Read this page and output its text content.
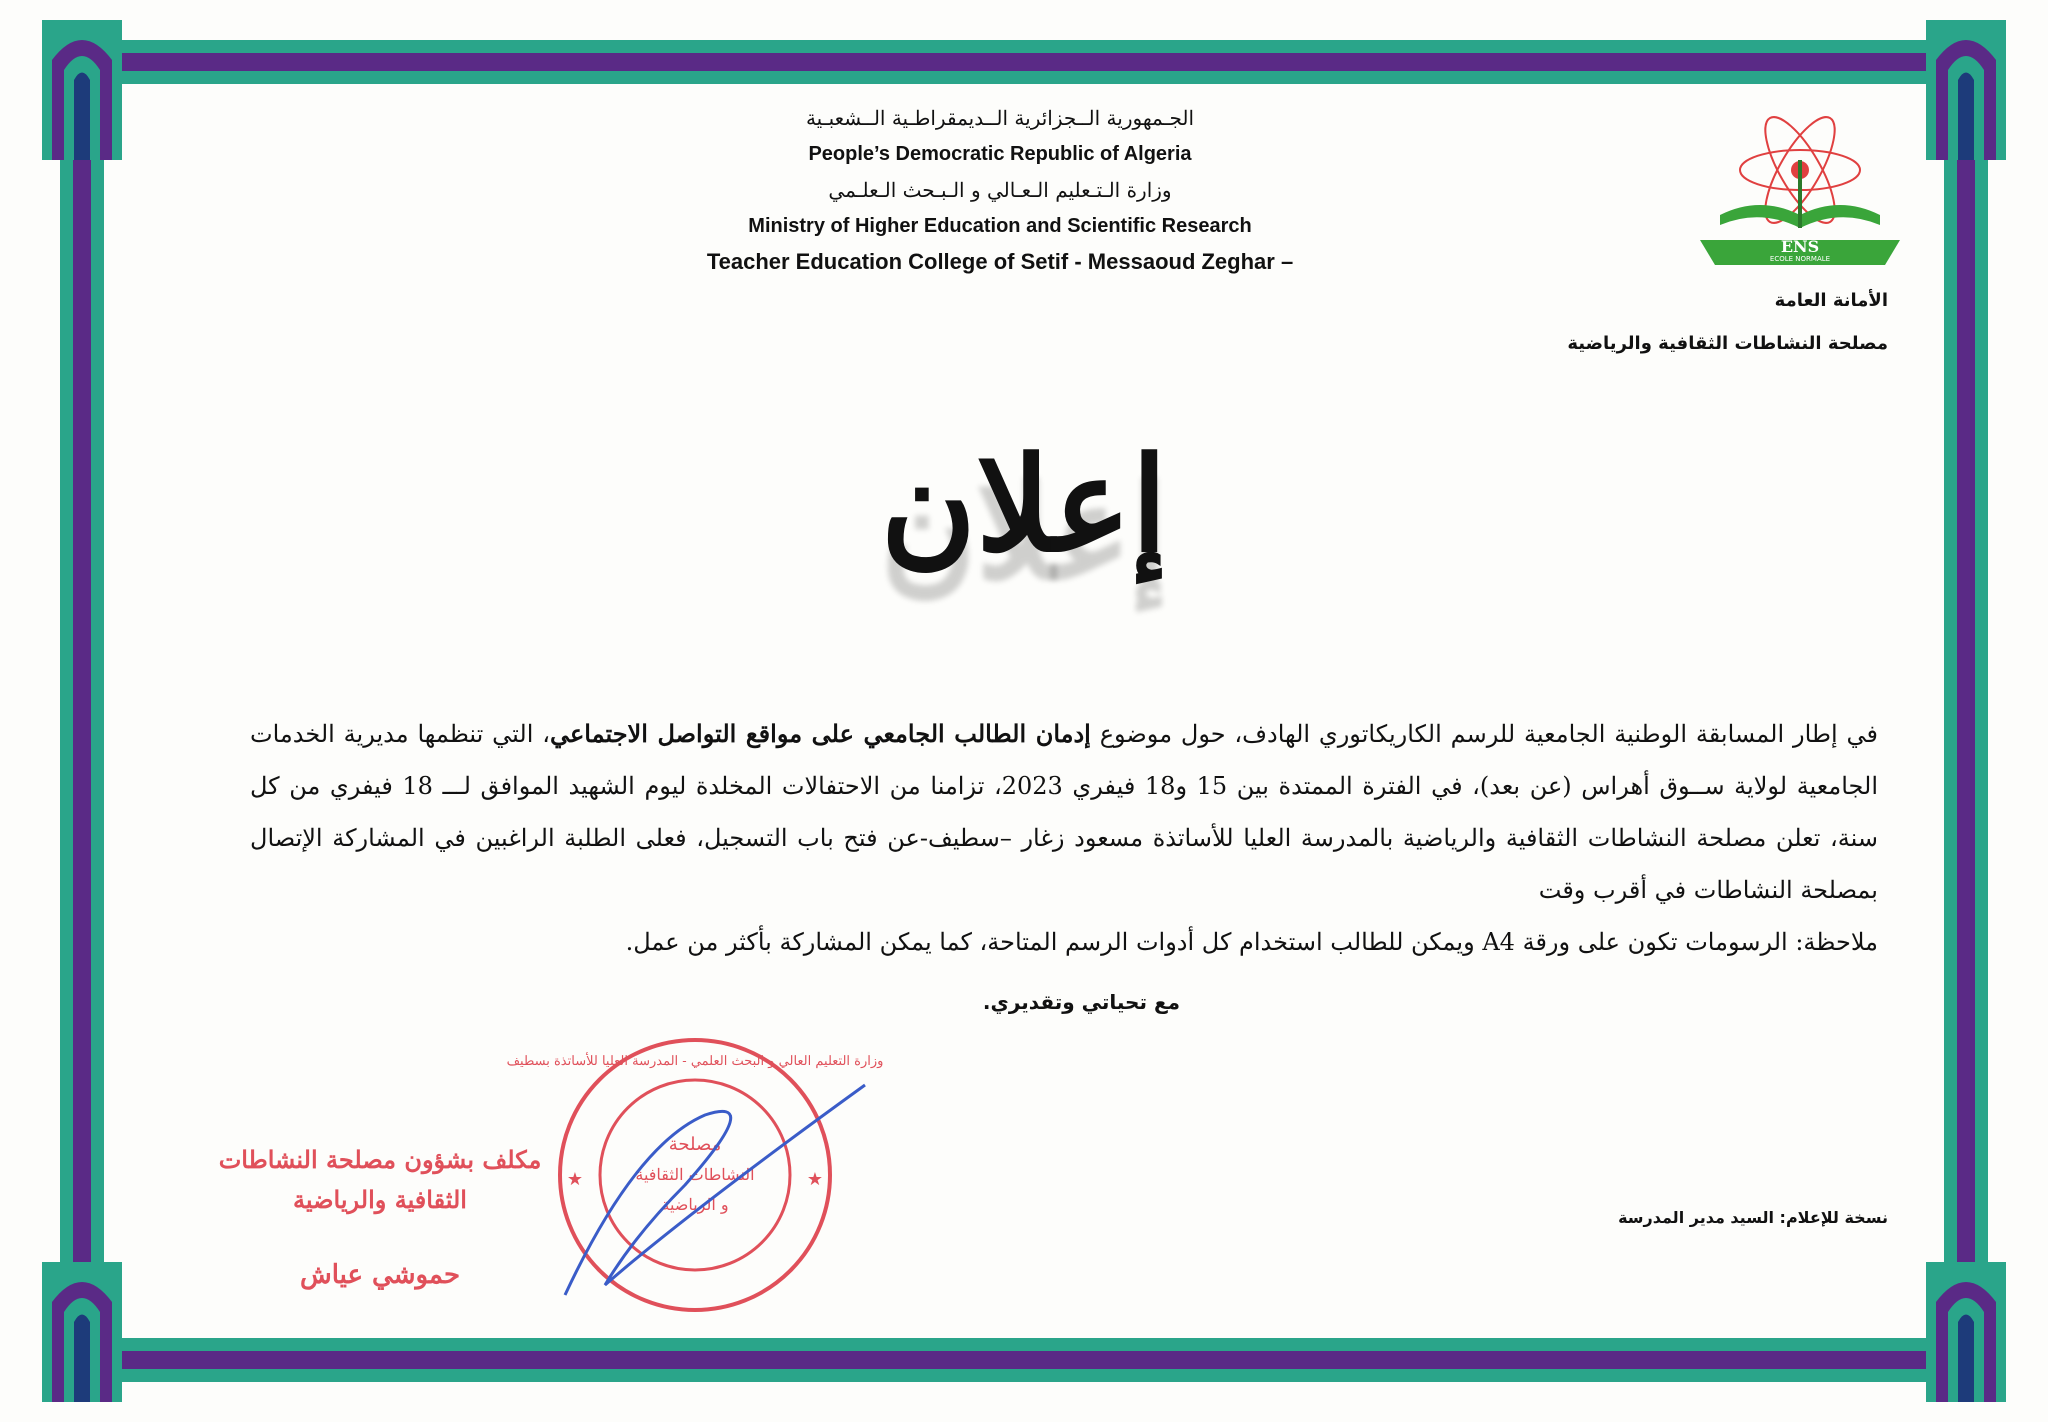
الجـمهورية الــجزائرية الــديمقراطـية الــشعبـية
People’s Democratic Republic of Algeria
وزارة الـتـعليم الـعـالي و الـبـحث الـعلـمي
Ministry of Higher Education and Scientific Research
Teacher Education College of Setif - Messaoud Zeghar –
ENS
ECOLE NORMALE
الأمانة العامة
مصلحة النشاطات الثقافية والرياضية
إعلان
في إطار المسابقة الوطنية الجامعية للرسم الكاريكاتوري الهادف، حول موضوع إدمان الطالب الجامعي على مواقع التواصل الاجتماعي، التي تنظمها مديرية الخدمات الجامعية لولاية ســوق أهراس (عن بعد)، في الفترة الممتدة بين 15 و18 فيفري 2023، تزامنا من الاحتفالات المخلدة ليوم الشهيد الموافق لـــ 18 فيفري من كل سنة، تعلن مصلحة النشاطات الثقافية والرياضية بالمدرسة العليا للأساتذة مسعود زغار –سطيف-عن فتح باب التسجيل، فعلى الطلبة الراغبين في المشاركة الإتصال بمصلحة النشاطات في أقرب وقت
ملاحظة: الرسومات تكون على ورقة A4 ويمكن للطالب استخدام كل أدوات الرسم المتاحة، كما يمكن المشاركة بأكثر من عمل.
مع تحياتي وتقديري.
مكلف بشؤون مصلحة النشاطات
الثقافية والرياضية
حموشي عياش
مصلحة
النشاطات الثقافية
و الرياضية
وزارة التعليم العالي و البحث العلمي - المدرسة العليا للأساتذة بسطيف
★
★
نسخة للإعلام: السيد مدير المدرسة
